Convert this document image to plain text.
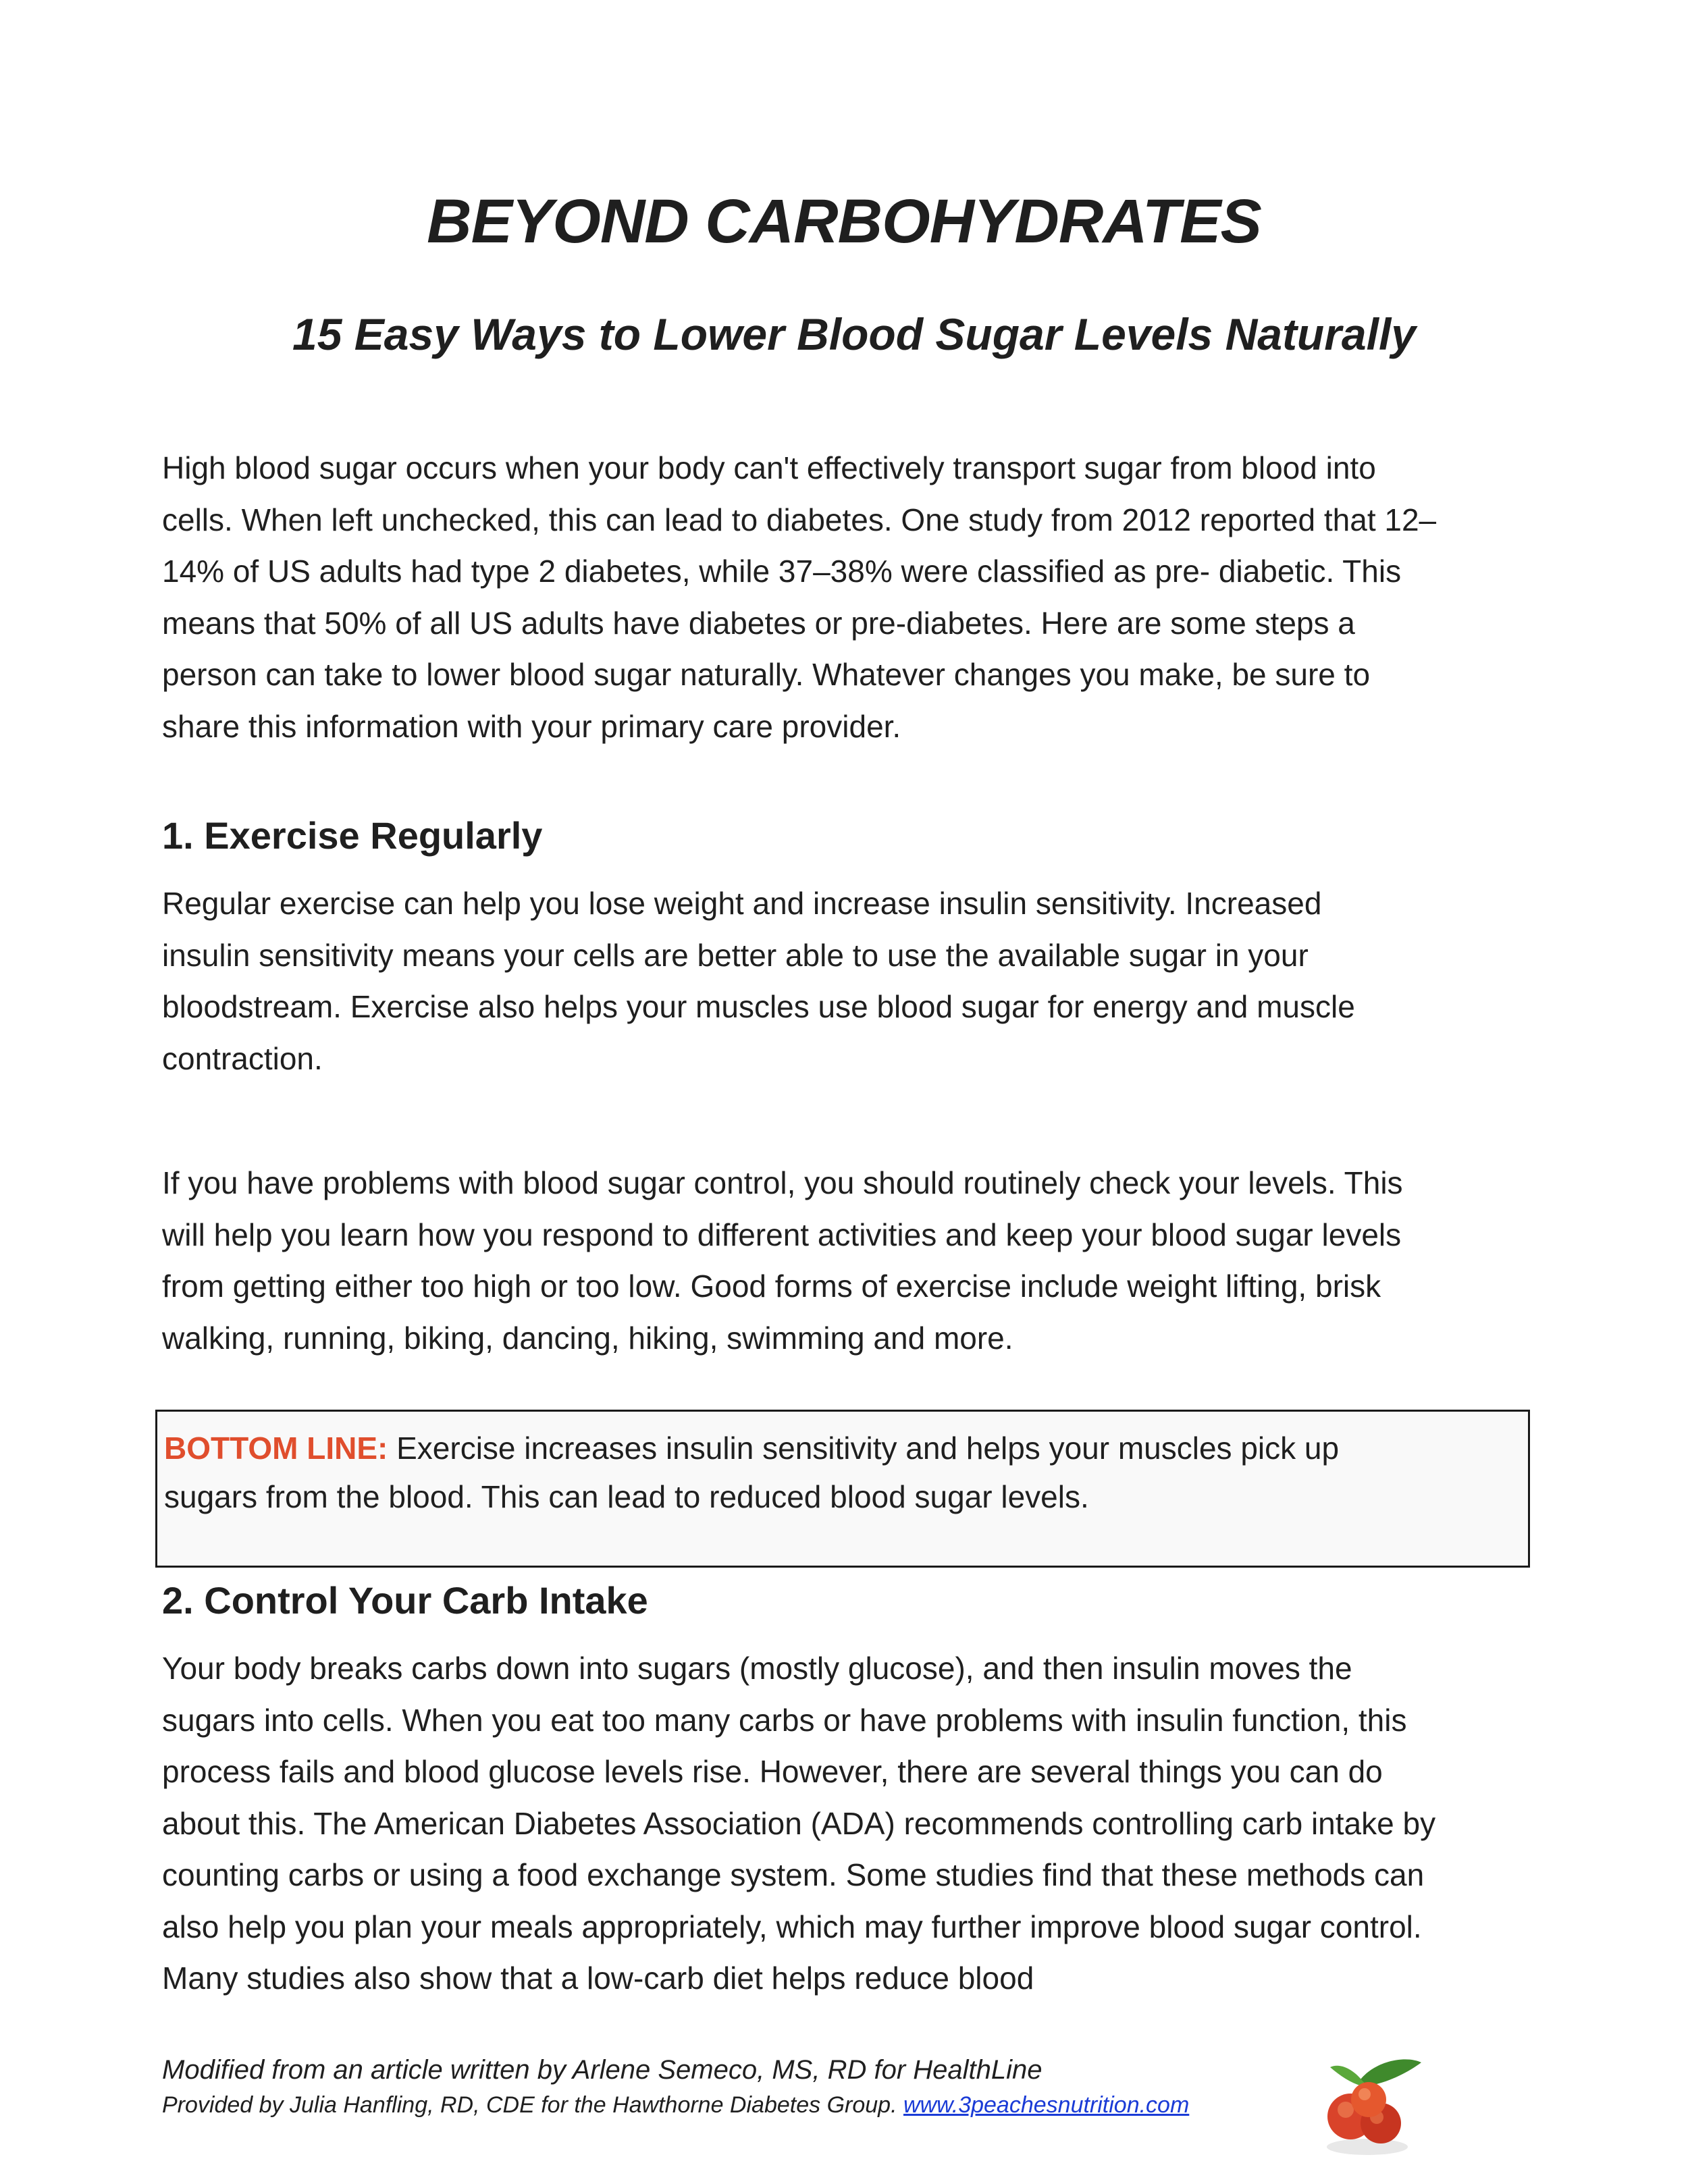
BEYOND CARBOHYDRATES
15 Easy Ways to Lower Blood Sugar Levels Naturally
High blood sugar occurs when your body can't effectively transport sugar from blood into
cells. When left unchecked, this can lead to diabetes. One study from 2012 reported that 12–
14% of US adults had type 2 diabetes, while 37–38% were classified as pre- diabetic. This
means that 50% of all US adults have diabetes or pre-diabetes. Here are some steps a
person can take to lower blood sugar naturally. Whatever changes you make, be sure to
share this information with your primary care provider.
1. Exercise Regularly
Regular exercise can help you lose weight and increase insulin sensitivity. Increased
insulin sensitivity means your cells are better able to use the available sugar in your
bloodstream. Exercise also helps your muscles use blood sugar for energy and muscle
contraction.
If you have problems with blood sugar control, you should routinely check your levels. This
will help you learn how you respond to different activities and keep your blood sugar levels
from getting either too high or too low. Good forms of exercise include weight lifting, brisk
walking, running, biking, dancing, hiking, swimming and more.
BOTTOM LINE: Exercise increases insulin sensitivity and helps your muscles pick up
sugars from the blood. This can lead to reduced blood sugar levels.
2. Control Your Carb Intake
Your body breaks carbs down into sugars (mostly glucose), and then insulin moves the
sugars into cells. When you eat too many carbs or have problems with insulin function, this
process fails and blood glucose levels rise. However, there are several things you can do
about this. The American Diabetes Association (ADA) recommends controlling carb intake by
counting carbs or using a food exchange system. Some studies find that these methods can
also help you plan your meals appropriately, which may further improve blood sugar control.
Many studies also show that a low-carb diet helps reduce blood
Modified from an article written by Arlene Semeco, MS, RD for HealthLine
Provided by Julia Hanfling, RD, CDE for the Hawthorne Diabetes Group. www.3peachesnutrition.com
